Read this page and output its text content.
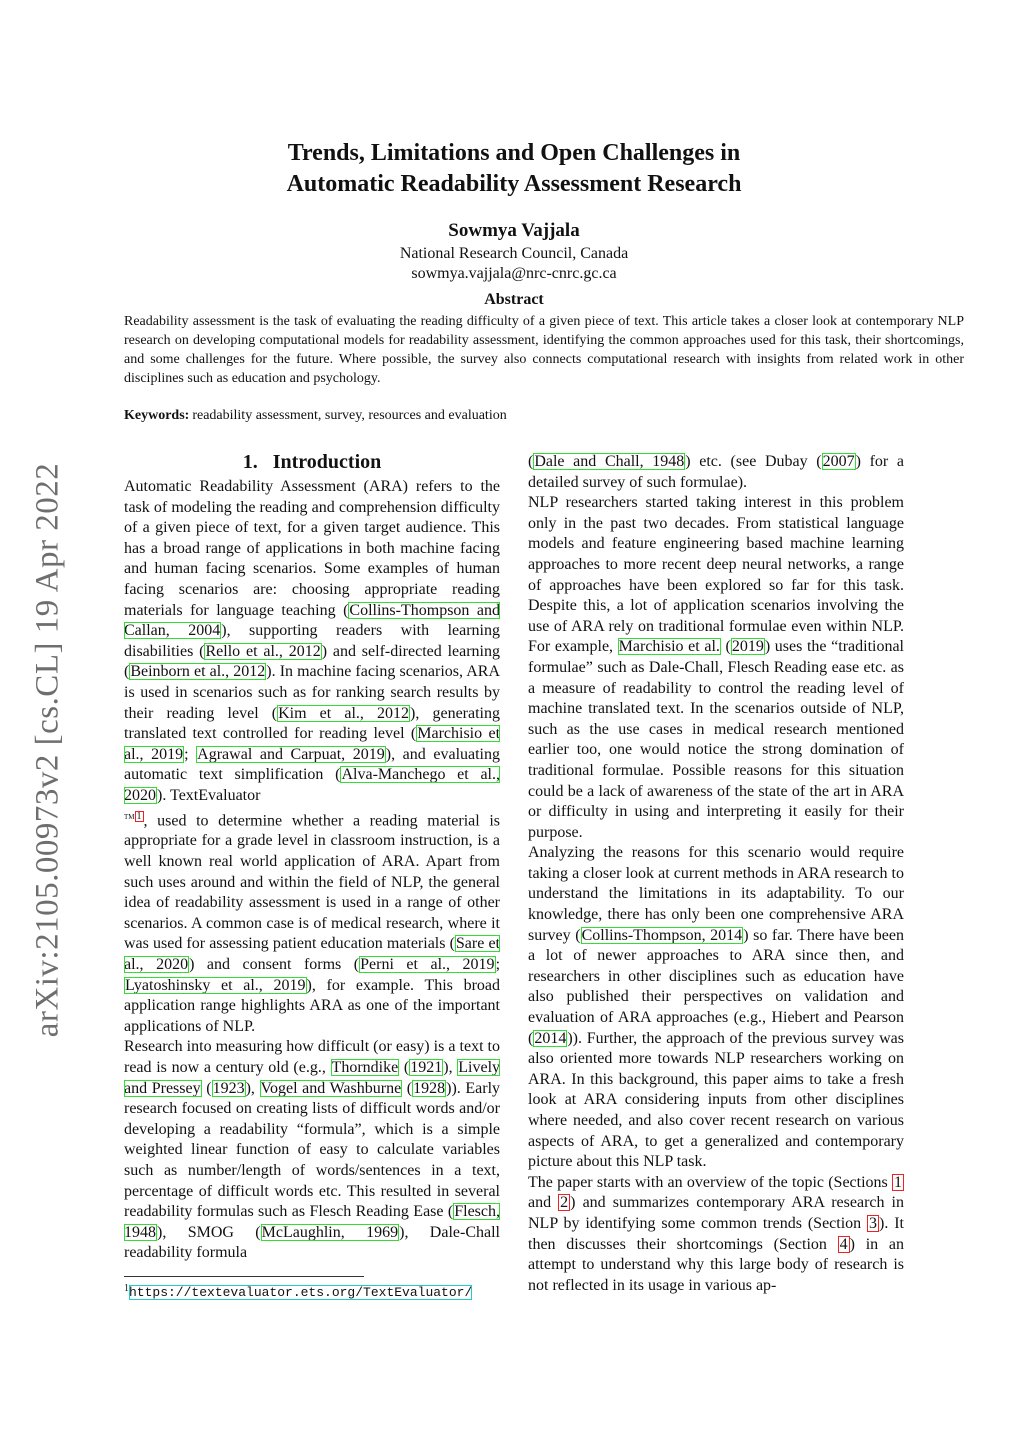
arXiv:2105.00973v2 [cs.CL] 19 Apr 2022
Trends, Limitations and Open Challenges in
Automatic Readability Assessment Research
Sowmya Vajjala
National Research Council, Canada
sowmya.vajjala@nrc-cnrc.gc.ca
Abstract
Readability assessment is the task of evaluating the reading difficulty of a given piece of text. This article takes a closer look at contemporary NLP research on developing computational models for readability assessment, identifying the common approaches used for this task, their shortcomings, and some challenges for the future. Where possible, the survey also connects computational research with insights from related work in other disciplines such as education and psychology.
Keywords: readability assessment, survey, resources and evaluation

1. Introduction

Automatic Readability Assessment (ARA) refers to the task of modeling the reading and comprehension difficulty of a given piece of text, for a given target audience. This has a broad range of applications in both machine facing and human facing scenarios. Some examples of human facing scenarios are: choosing appropriate reading materials for language teaching (Collins-Thompson and Callan, 2004), supporting readers with learning disabilities (Rello et al., 2012) and self-directed learning (Beinborn et al., 2012). In machine facing scenarios, ARA is used in scenarios such as for ranking search results by their reading level (Kim et al., 2012), generating translated text controlled for reading level (Marchisio et al., 2019; Agrawal and Carpuat, 2019), and evaluating automatic text simplification (Alva-Manchego et al., 2020). TextEvaluator
™ $^1$ , used to determine whether a reading material is appropriate for a grade level in classroom instruction, is a well known real world application of ARA. Apart from such uses around and within the field of NLP, the general idea of readability assessment is used in a range of other scenarios. A common case is of medical research, where it was used for assessing patient education materials (Sare et al., 2020) and consent forms (Perni et al., 2019; Lyatoshinsky et al., 2019), for example. This broad application range highlights ARA as one of the important applications of NLP.

Research into measuring how difficult (or easy) is a text to read is now a century old (e.g., Thorndike (1921), Lively and Pressey (1923), Vogel and Washburne (1928)). Early research focused on creating lists of difficult words and/or developing a readability “formula”, which is a simple weighted linear function of easy to calculate variables such as number/length of words/sentences in a text, percentage of difficult words etc. This resulted in several readability formulas such as Flesch Reading Ease (Flesch, 1948), SMOG (McLaughlin, 1969), Dale-Chall readability formula

(Dale and Chall, 1948) etc. (see Dubay (2007) for a detailed survey of such formulae).

NLP researchers started taking interest in this problem only in the past two decades. From statistical language models and feature engineering based machine learning approaches to more recent deep neural networks, a range of approaches have been explored so far for this task. Despite this, a lot of application scenarios involving the use of ARA rely on traditional formulae even within NLP. For example, Marchisio et al. (2019) uses the “traditional formulae” such as Dale-Chall, Flesch Reading ease etc. as a measure of readability to control the reading level of machine translated text. In the scenarios outside of NLP, such as the use cases in medical research mentioned earlier too, one would notice the strong domination of traditional formulae. Possible reasons for this situation could be a lack of awareness of the state of the art in ARA or difficulty in using and interpreting it easily for their purpose.

Analyzing the reasons for this scenario would require taking a closer look at current methods in ARA research to understand the limitations in its adaptability. To our knowledge, there has only been one comprehensive ARA survey (Collins-Thompson, 2014) so far. There have been a lot of newer approaches to ARA since then, and researchers in other disciplines such as education have also published their perspectives on validation and evaluation of ARA approaches (e.g., Hiebert and Pearson (2014)). Further, the approach of the previous survey was also oriented more towards NLP researchers working on ARA. In this background, this paper aims to take a fresh look at ARA considering inputs from other disciplines where needed, and also cover recent research on various aspects of ARA, to get a generalized and contemporary picture about this NLP task.

The paper starts with an overview of the topic (Sections 1 and 2 ) and summarizes contemporary ARA research in NLP by identifying some common trends (Section 3 ). It then discusses their shortcomings (Section 4 ) in an attempt to understand why this large body of research is not reflected in its usage in various ap-

$^1$https://textevaluator.ets.org/TextEvaluator/
